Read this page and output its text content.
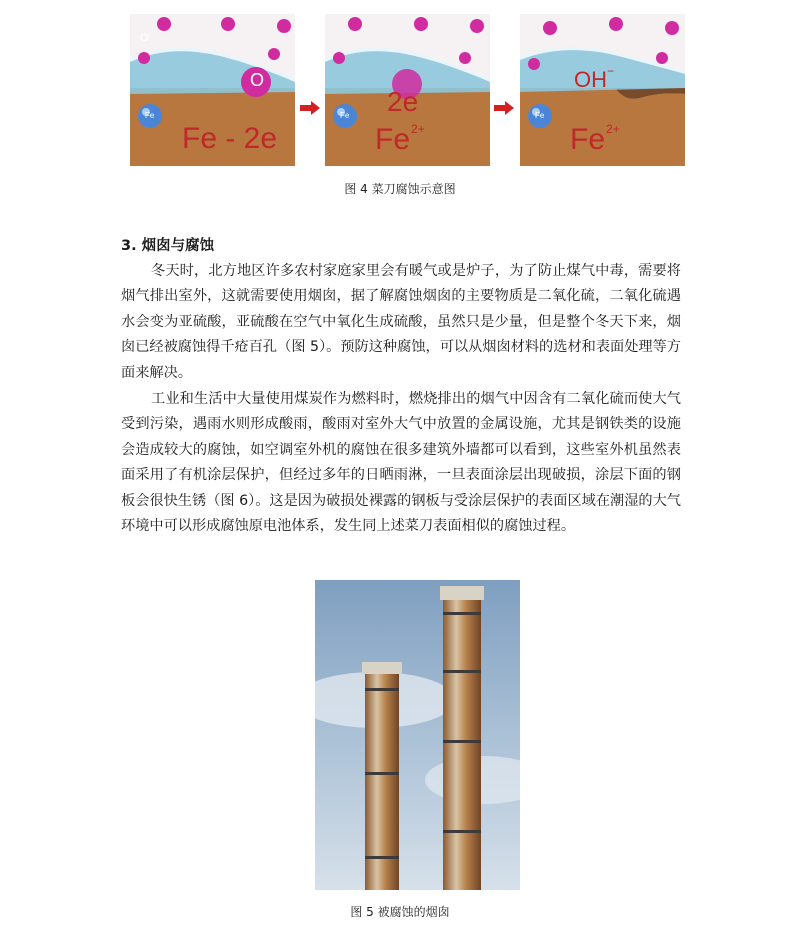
O
O
Fe
Fe - 2e
2e
Fe
$Fe^{2+}$
OH−
Fe
$Fe^{2+}$
图 4 菜刀腐蚀示意图
3. 烟囱与腐蚀

冬天时，北方地区许多农村家庭家里会有暖气或是炉子，为了防止煤气中毒，需要将烟气排出室外，这就需要使用烟囱，据了解腐蚀烟囱的主要物质是二氧化硫，二氧化硫遇水会变为亚硫酸，亚硫酸在空气中氧化生成硫酸，虽然只是少量，但是整个冬天下来，烟囱已经被腐蚀得千疮百孔（图 5）。预防这种腐蚀，可以从烟囱材料的选材和表面处理等方面来解决。

工业和生活中大量使用煤炭作为燃料时，燃烧排出的烟气中因含有二氧化硫而使大气受到污染，遇雨水则形成酸雨，酸雨对室外大气中放置的金属设施，尤其是钢铁类的设施会造成较大的腐蚀，如空调室外机的腐蚀在很多建筑外墙都可以看到，这些室外机虽然表面采用了有机涂层保护，但经过多年的日晒雨淋，一旦表面涂层出现破损，涂层下面的钢板会很快生锈（图 6）。这是因为破损处裸露的钢板与受涂层保护的表面区域在潮湿的大气环境中可以形成腐蚀原电池体系，发生同上述菜刀表面相似的腐蚀过程。

图 5 被腐蚀的烟囱
